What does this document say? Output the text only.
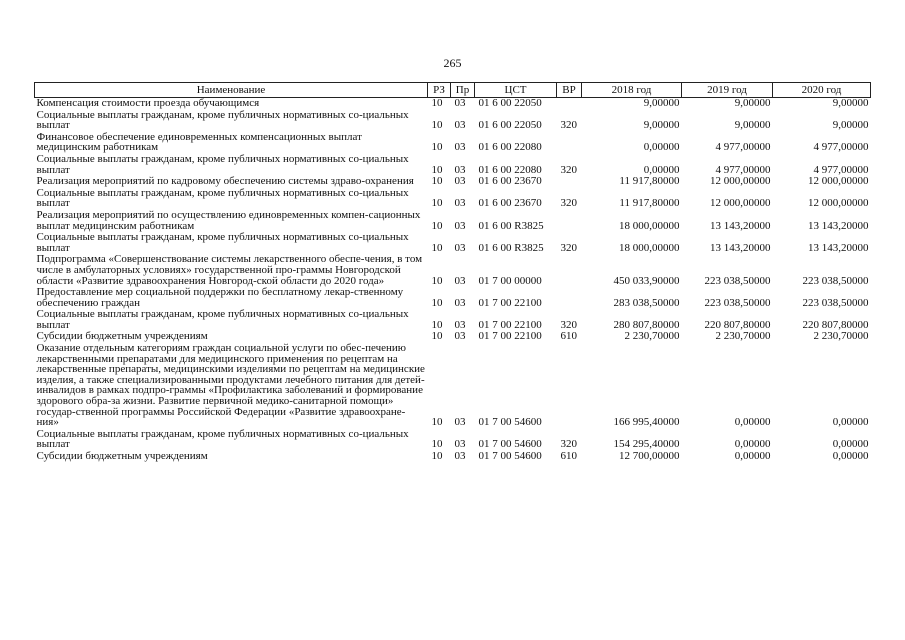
265
Наименование	РЗ	Пр	ЦСТ	ВР	2018 год	2019 год	2020 год
Компенсация стоимости проезда обучающимся	10	03	01 6 00 22050		9,00000	9,00000	9,00000
Социальные выплаты гражданам, кроме публичных нормативных со-циальных выплат	10	03	01 6 00 22050	320	9,00000	9,00000	9,00000
Финансовое обеспечение единовременных компенсационных выплат медицинским работникам	10	03	01 6 00 22080		0,00000	4 977,00000	4 977,00000
Социальные выплаты гражданам, кроме публичных нормативных со-циальных выплат	10	03	01 6 00 22080	320	0,00000	4 977,00000	4 977,00000
Реализация мероприятий по кадровому обеспечению системы здраво-охранения	10	03	01 6 00 23670		11 917,80000	12 000,00000	12 000,00000
Социальные выплаты гражданам, кроме публичных нормативных со-циальных выплат	10	03	01 6 00 23670	320	11 917,80000	12 000,00000	12 000,00000
Реализация мероприятий по осуществлению единовременных компен-сационных выплат медицинским работникам	10	03	01 6 00 R3825		18 000,00000	13 143,20000	13 143,20000
Социальные выплаты гражданам, кроме публичных нормативных со-циальных выплат	10	03	01 6 00 R3825	320	18 000,00000	13 143,20000	13 143,20000
Подпрограмма «Совершенствование системы лекарственного обеспе-чения, в том числе в амбулаторных условиях» государственной про-граммы Новгородской области «Развитие здравоохранения Новгород-ской области до 2020 года»	10	03	01 7 00 00000		450 033,90000	223 038,50000	223 038,50000
Предоставление мер социальной поддержки по бесплатному лекар-ственному обеспечению граждан	10	03	01 7 00 22100		283 038,50000	223 038,50000	223 038,50000
Социальные выплаты гражданам, кроме публичных нормативных со-циальных выплат	10	03	01 7 00 22100	320	280 807,80000	220 807,80000	220 807,80000
Субсидии бюджетным учреждениям	10	03	01 7 00 22100	610	2 230,70000	2 230,70000	2 230,70000
Оказание отдельным категориям граждан социальной услуги по обес-печению лекарственными препаратами для медицинского применения по рецептам на лекарственные препараты, медицинскими изделиями по рецептам на медицинские изделия, а также специализированными продуктами лечебного питания для детей-инвалидов в рамках подпро-граммы «Профилактика заболеваний и формирование здорового обра-за жизни. Развитие первичной медико-санитарной помощи» государ-ственной программы Российской Федерации «Развитие здравоохране-ния»	10	03	01 7 00 54600		166 995,40000	0,00000	0,00000
Социальные выплаты гражданам, кроме публичных нормативных со-циальных выплат	10	03	01 7 00 54600	320	154 295,40000	0,00000	0,00000
Субсидии бюджетным учреждениям	10	03	01 7 00 54600	610	12 700,00000	0,00000	0,00000
